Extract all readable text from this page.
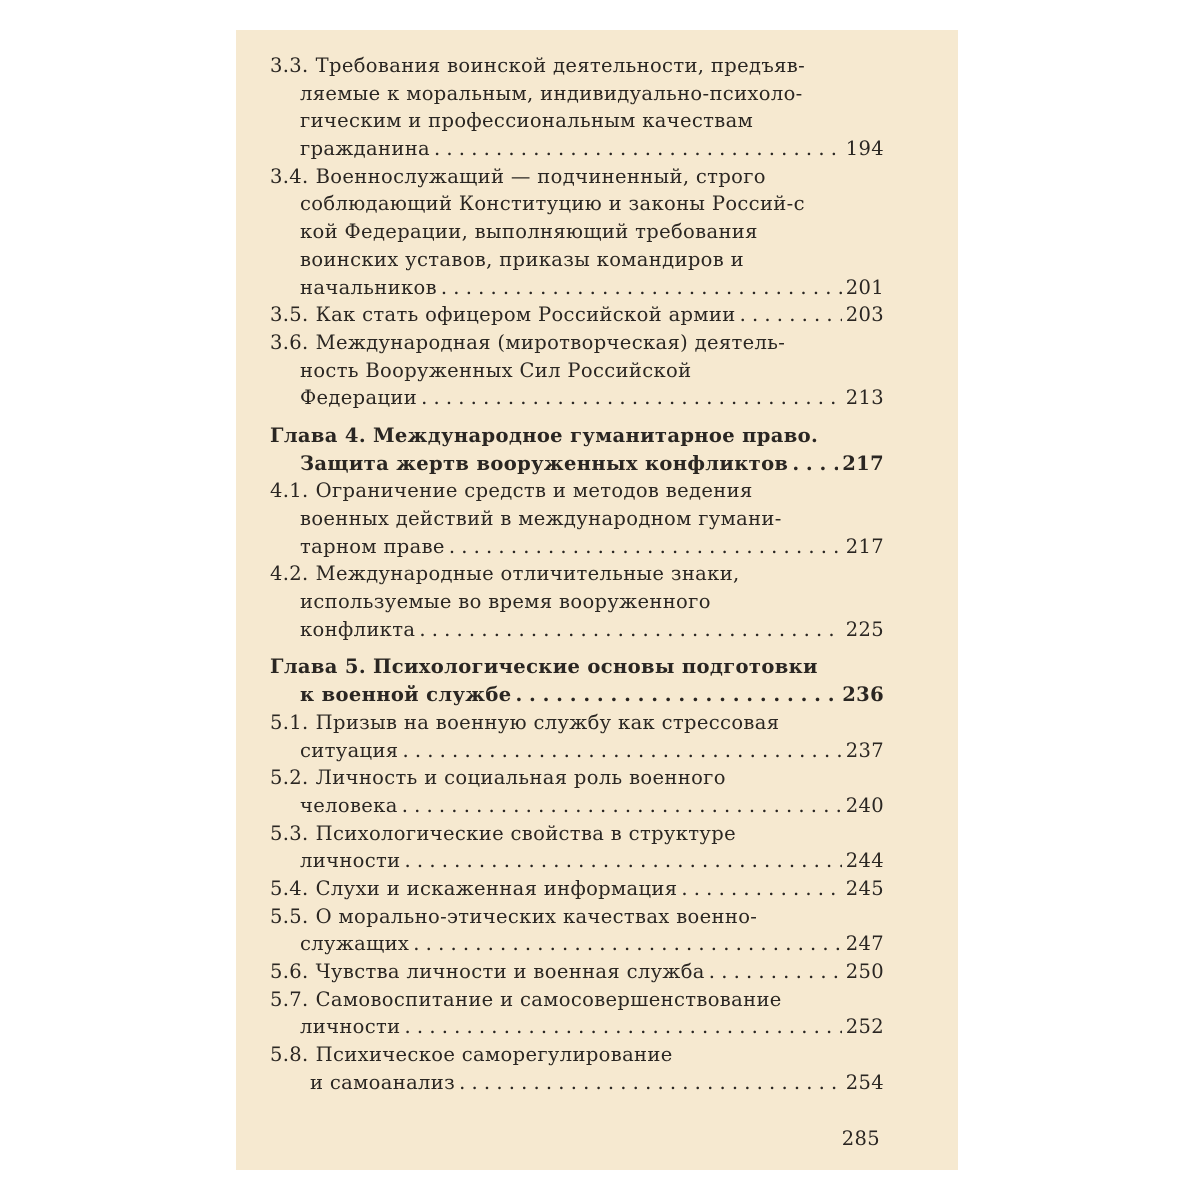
3.3. Требования воинской деятельности, предъяв-
ляемые к моральным, индивидуально-психоло-
гическим и профессиональным качествам
гражданина . . .	194
3.4. Военнослужащий — подчиненный, строго
соблюдающий Конституцию и законы Россий-с
кой Федерации, выполняющий требования
воинских уставов, приказы командиров и
начальников . . .	201
3.5. Как стать офицером Российской армии . . .	203
3.6. Международная (миротворческая) деятель-
ность Вооруженных Сил Российской
Федерации . . .	213
Глава 4. Международное гуманитарное право.
Защита жертв вооруженных конфликтов . . .	217
4.1. Ограничение средств и методов ведения
военных действий в международном гумани-
тарном праве . . .	217
4.2. Международные отличительные знаки,
используемые во время вооруженного
конфликта . . .	225
Глава 5. Психологические основы подготовки
к военной службе . . .	236
5.1. Призыв на военную службу как стрессовая
ситуация . . .	237
5.2. Личность и социальная роль военного
человека . . .	240
5.3. Психологические свойства в структуре
личности . . .	244
5.4. Слухи и искаженная информация . . .	245
5.5. О морально-этических качествах военно-
служащих . . .	247
5.6. Чувства личности и военная служба . . .	250
5.7. Самовоспитание и самосовершенствование
личности . . .	252
5.8. Психическое саморегулирование
и самоанализ . . .	254
285
